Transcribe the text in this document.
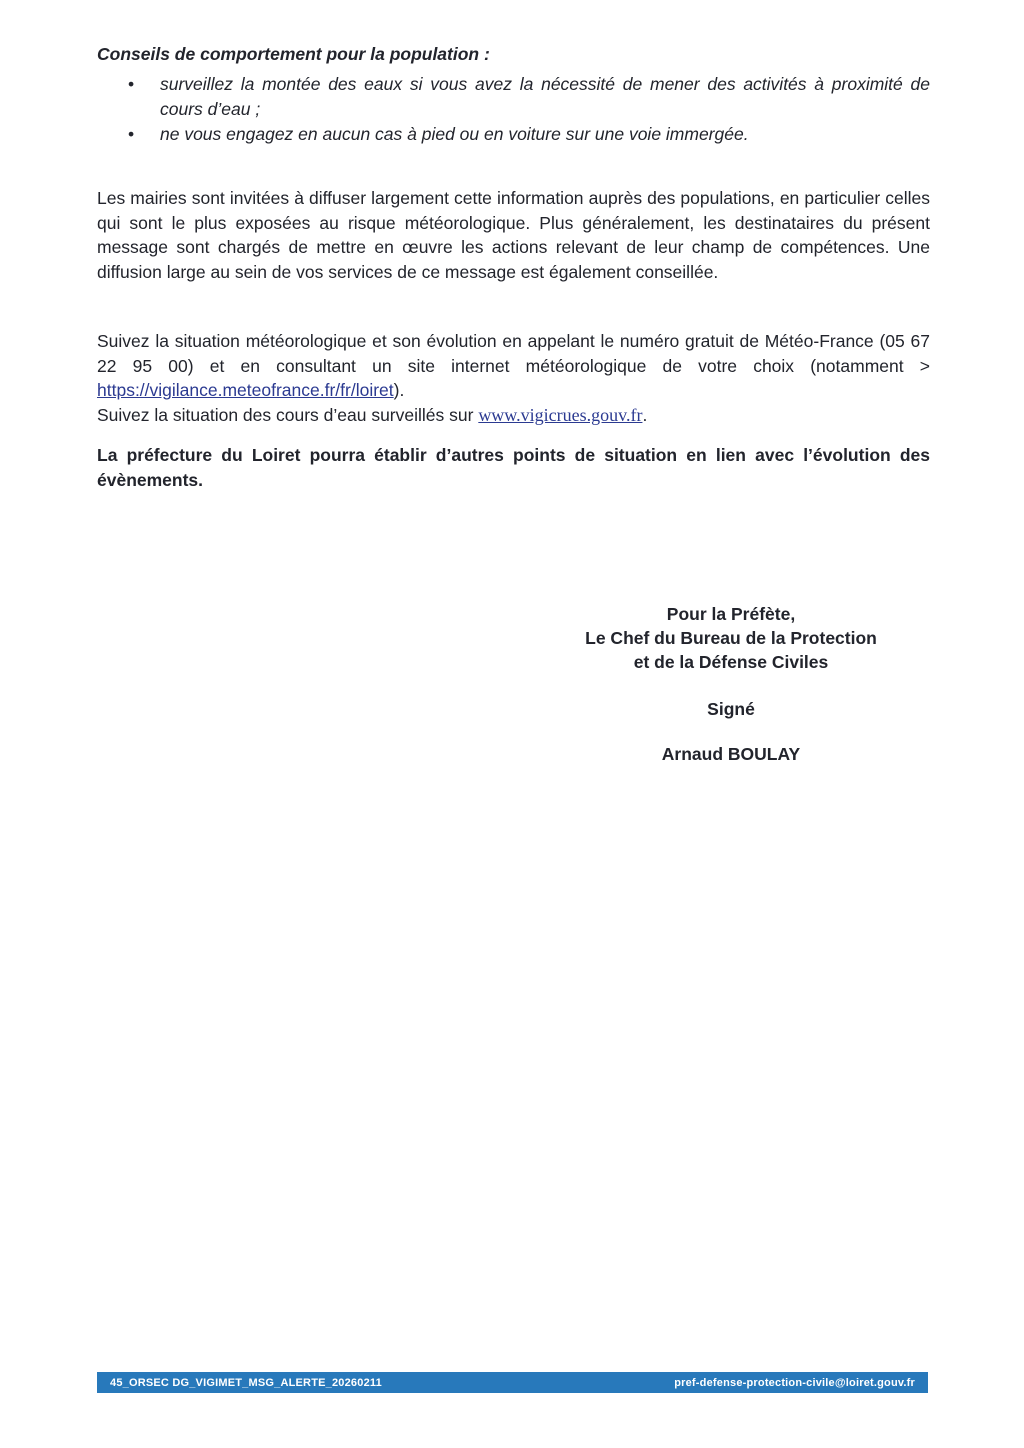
Conseils de comportement pour la population :
• surveillez la montée des eaux si vous avez la nécessité de mener des activités à proximité de cours d’eau ;
• ne vous engagez en aucun cas à pied ou en voiture sur une voie immergée.

Les mairies sont invitées à diffuser largement cette information auprès des populations, en particulier celles qui sont le plus exposées au risque météorologique. Plus généralement, les destinataires du présent message sont chargés de mettre en œuvre les actions relevant de leur champ de compétences. Une diffusion large au sein de vos services de ce message est également conseillée.

Suivez la situation météorologique et son évolution en appelant le numéro gratuit de Météo-France (05 67 22 95 00) et en consultant un site internet météorologique de votre choix (notamment > https://vigilance.meteofrance.fr/fr/loiret).

Suivez la situation des cours d’eau surveillés sur www.vigicrues.gouv.fr.

La préfecture du Loiret pourra établir d’autres points de situation en lien avec l’évolution des évènements.

Pour la Préfète,
Le Chef du Bureau de la Protection
et de la Défense Civiles
Signé
Arnaud BOULAY
45_ORSEC DG_VIGIMET_MSG_ALERTE_20260211	pref-defense-protection-civile@loiret.gouv.fr
